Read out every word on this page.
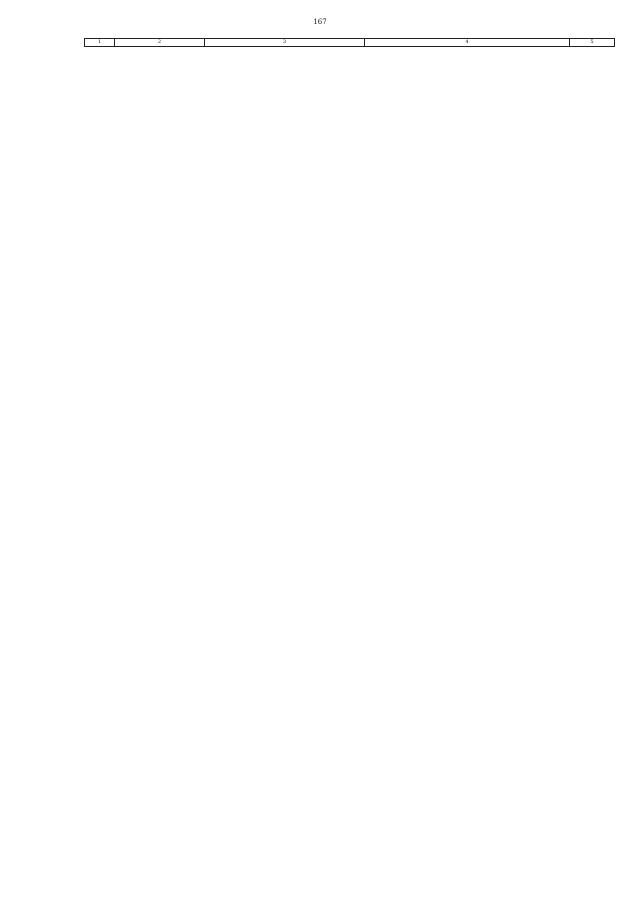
167
1	2	3	4	5
